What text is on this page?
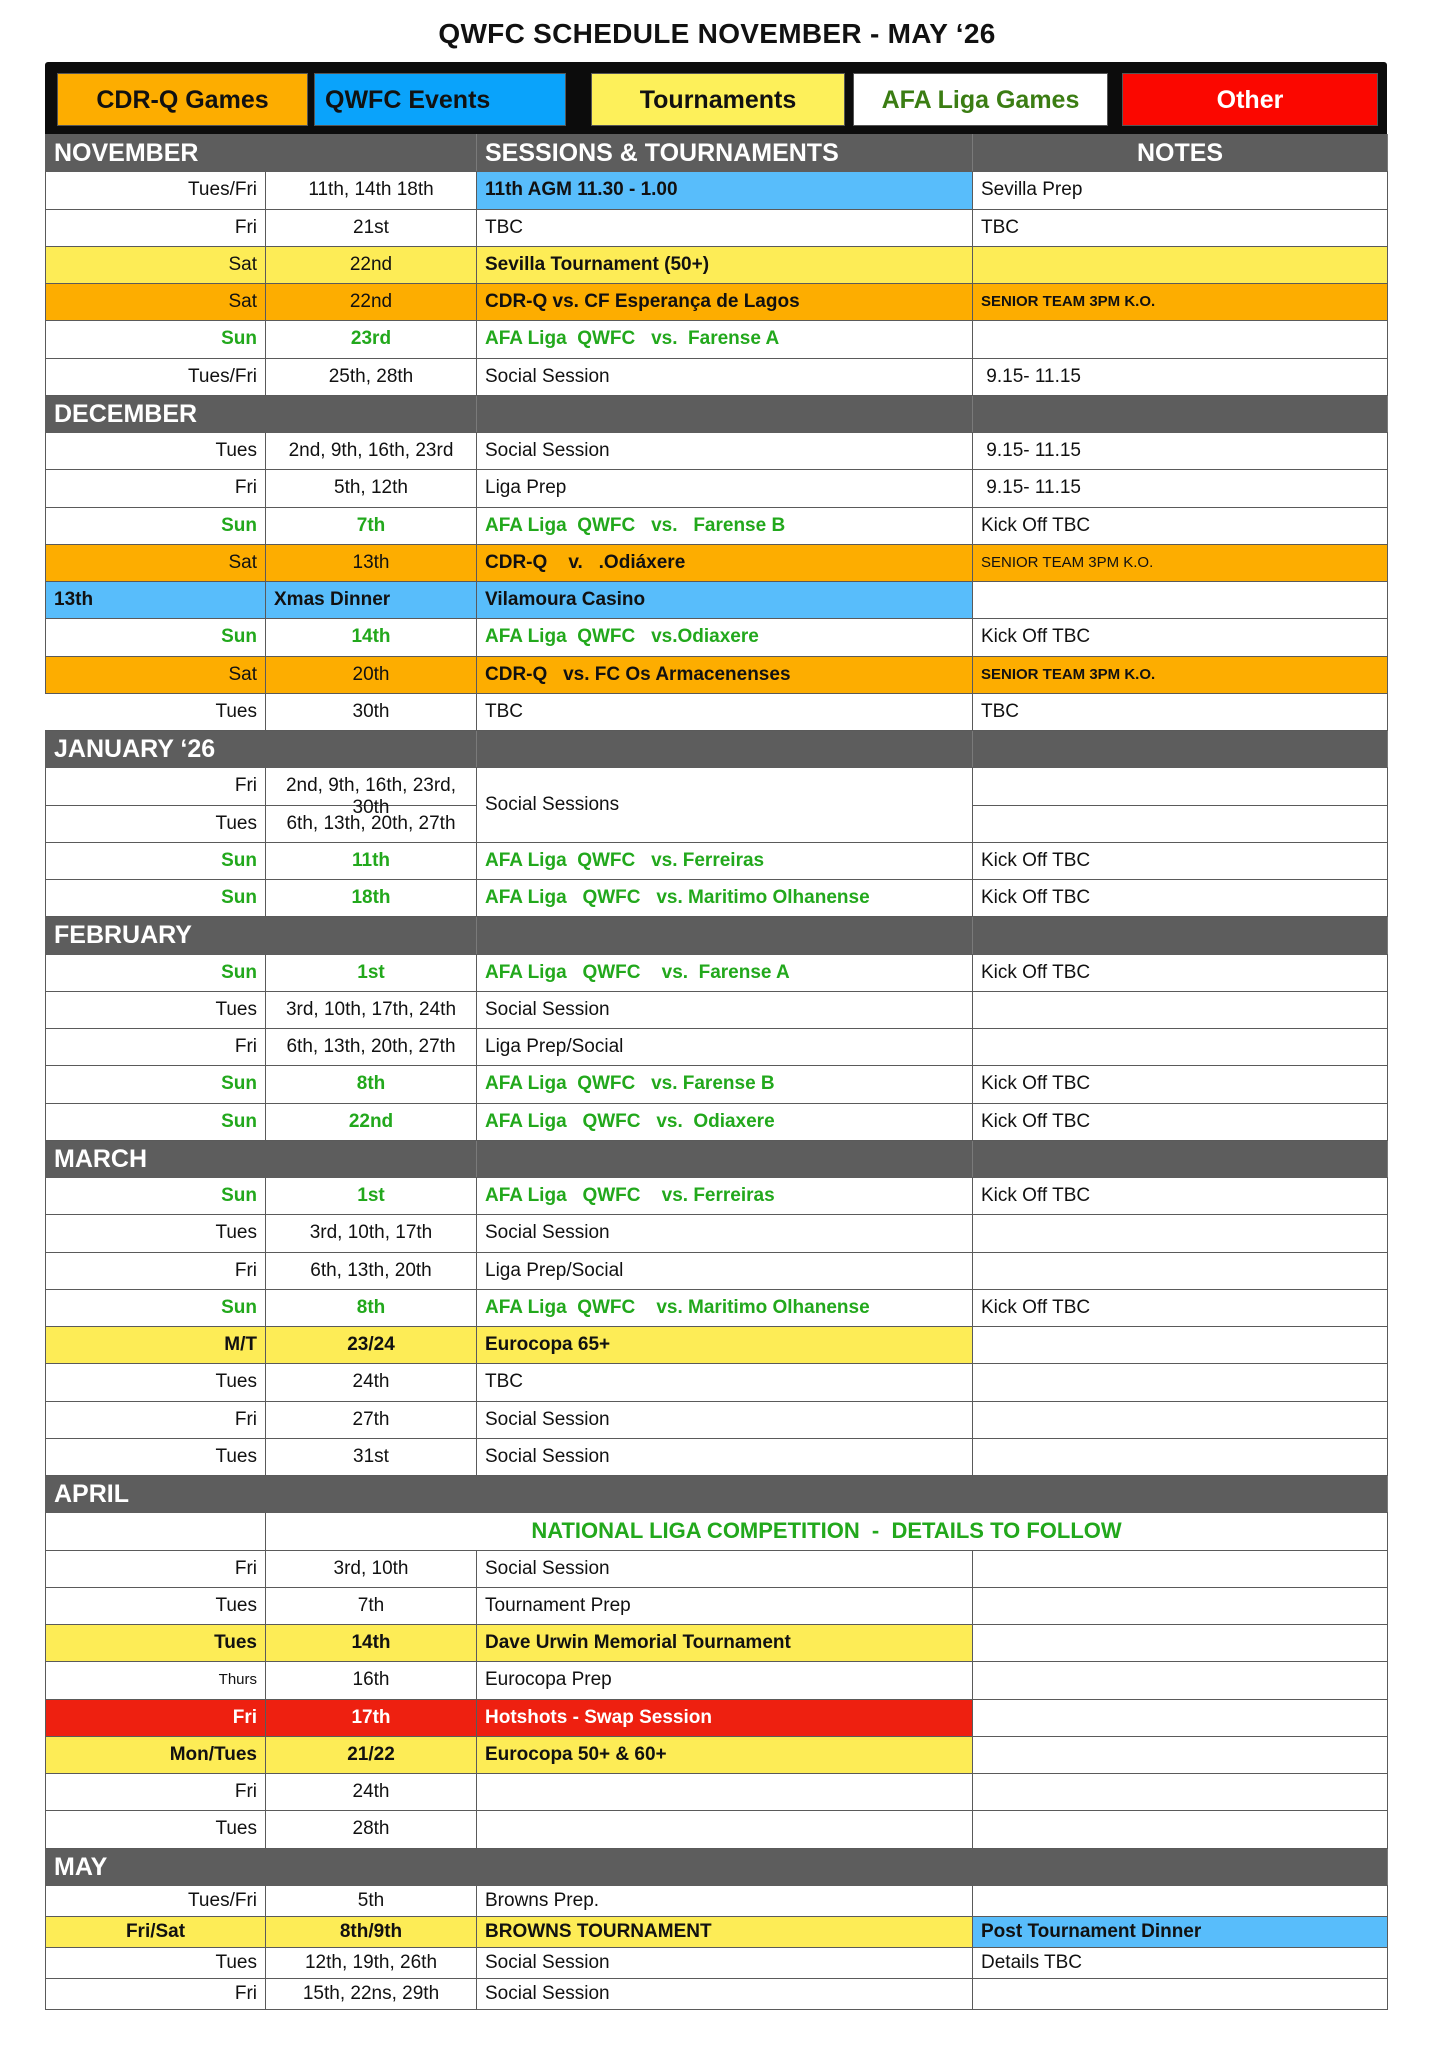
QWFC SCHEDULE NOVEMBER - MAY ‘26
CDR-Q Games	QWFC Events	Tournaments	AFA Liga Games	Other
NOVEMBER	SESSIONS & TOURNAMENTS	NOTES
Tues/Fri	11th, 14th 18th	11th AGM 11.30 - 1.00	Sevilla Prep
Fri	21st	TBC	TBC
Sat	22nd	Sevilla Tournament (50+)	
Sat	22nd	CDR-Q vs. CF Esperança de Lagos	SENIOR TEAM 3PM K.O.
Sun	23rd	AFA Liga  QWFC   vs.  Farense A	
Tues/Fri	25th, 28th	Social Session	9.15- 11.15
DECEMBER		
Tues	2nd, 9th, 16th, 23rd	Social Session	9.15- 11.15
Fri	5th, 12th	Liga Prep	9.15- 11.15
Sun	7th	AFA Liga  QWFC   vs.   Farense B	Kick Off TBC
Sat	13th	CDR-Q    v.   .Odiáxere	SENIOR TEAM 3PM K.O.
13th	Xmas Dinner	Vilamoura Casino	
Sun	14th	AFA Liga  QWFC   vs.Odiaxere	Kick Off TBC
Sat	20th	CDR-Q   vs. FC Os Armacenenses	SENIOR TEAM 3PM K.O.
Tues	30th	TBC	TBC
JANUARY ‘26		
Fri	2nd, 9th, 16th, 23rd, 30th	Social Sessions	
Tues	6th, 13th, 20th, 27th	
Sun	11th	AFA Liga  QWFC   vs. Ferreiras	Kick Off TBC
Sun	18th	AFA Liga   QWFC   vs. Maritimo Olhanense	Kick Off TBC
FEBRUARY		
Sun	1st	AFA Liga   QWFC    vs.  Farense A	Kick Off TBC
Tues	3rd, 10th, 17th, 24th	Social Session	
Fri	6th, 13th, 20th, 27th	Liga Prep/Social	
Sun	8th	AFA Liga  QWFC   vs. Farense B	Kick Off TBC
Sun	22nd	AFA Liga   QWFC   vs.  Odiaxere	Kick Off TBC
MARCH		
Sun	1st	AFA Liga   QWFC    vs. Ferreiras	Kick Off TBC
Tues	3rd, 10th, 17th	Social Session	
Fri	6th, 13th, 20th	Liga Prep/Social	
Sun	8th	AFA Liga  QWFC    vs. Maritimo Olhanense	Kick Off TBC
M/T	23/24	Eurocopa 65+	
Tues	24th	TBC	
Fri	27th	Social Session	
Tues	31st	Social Session	
APRIL
	NATIONAL LIGA COMPETITION  -  DETAILS TO FOLLOW
Fri	3rd, 10th	Social Session	
Tues	7th	Tournament Prep	
Tues	14th	Dave Urwin Memorial Tournament	
Thurs	16th	Eurocopa Prep	
Fri	17th	Hotshots - Swap Session	
Mon/Tues	21/22	Eurocopa 50+ & 60+	
Fri	24th		
Tues	28th		
MAY
Tues/Fri	5th	Browns Prep.	
Fri/Sat	8th/9th	BROWNS TOURNAMENT	Post Tournament Dinner
Tues	12th, 19th, 26th	Social Session	Details TBC
Fri	15th, 22ns, 29th	Social Session	
